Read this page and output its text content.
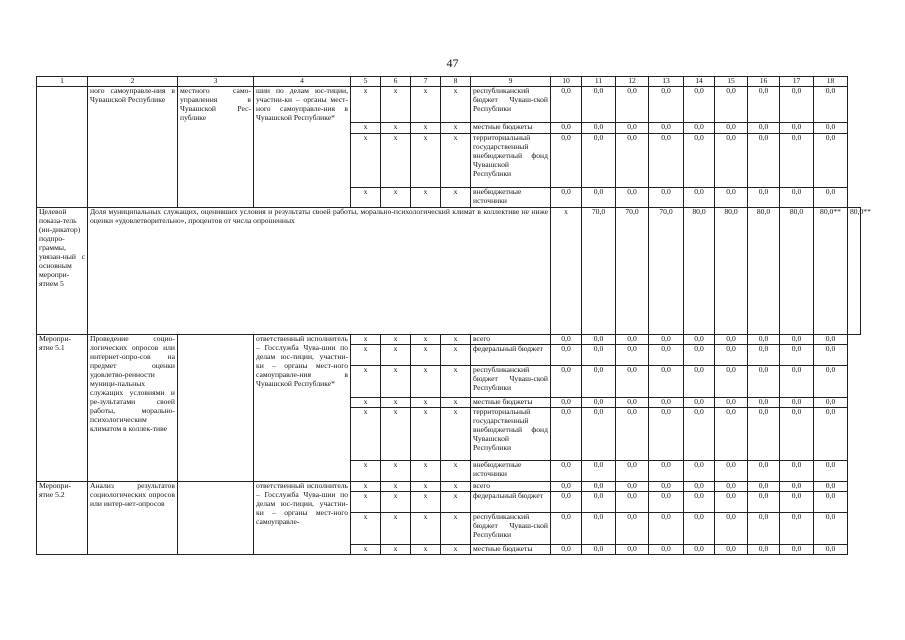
47
1	2	3	4	5	6	7	8	9	10	11	12	13	14	15	16	17	18	
	ного самоуправле-ния в Чувашской Республике	местного само-управления в Чувашской Рес-публике	шии по делам юс-тиции, участни-ки – органы мест-ного самоуправле-ния в Чувашской Республике*	х	х	х	х	республиканский бюджет Чуваш-ской Республики	0,0	0,0	0,0	0,0	0,0	0,0	0,0	0,0	0,0	
				х	х	х	х	местные бюджеты	0,0	0,0	0,0	0,0	0,0	0,0	0,0	0,0	0,0	
				х	х	х	х	территориальный государственный внебюджетный фонд Чувашской Республики	0,0	0,0	0,0	0,0	0,0	0,0	0,0	0,0	0,0	
				х	х	х	х	внебюджетные источники	0,0	0,0	0,0	0,0	0,0	0,0	0,0	0,0	0,0	
Целевой показа-тель (ин-дикатор) подпро-граммы, увязан-ный с основным меропри-ятием 5	Доля муниципальных служащих, оценивших условия и результаты своей работы, морально-психологический климат в коллективе не ниже оценки «удовлетворительно», процентов от числа опрошенных								х	70,0	70,0	70,0	80,0	80,0	80,0	80,0	80,0**	80,0**
Меропри-ятие 5.1	Проведение социо-логических опросов или интернет-опро-сов на предмет оценки удовлетво-ренности муници-пальных служащих условиями и ре-зультатами своей работы, морально-психологическим климатом в коллек-тиве		ответственный исполнитель – Госслужба Чува-шии по делам юс-тиции, участни-ки – органы мест-ного самоуправле-ния в Чувашской Республике*	х	х	х	х	всего	0,0	0,0	0,0	0,0	0,0	0,0	0,0	0,0	0,0	
				х	х	х	х	федеральный бюджет	0,0	0,0	0,0	0,0	0,0	0,0	0,0	0,0	0,0	
				х	х	х	х	республиканский бюджет Чуваш-ской Республики	0,0	0,0	0,0	0,0	0,0	0,0	0,0	0,0	0,0	
				х	х	х	х	местные бюджеты	0,0	0,0	0,0	0,0	0,0	0,0	0,0	0,0	0,0	
				х	х	х	х	территориальный государственный внебюджетный фонд Чувашской Республики	0,0	0,0	0,0	0,0	0,0	0,0	0,0	0,0	0,0	
				х	х	х	х	внебюджетные источники	0,0	0,0	0,0	0,0	0,0	0,0	0,0	0,0	0,0	
Меропри-ятие 5.2	Анализ результатов социологических опросов или интер-нет-опросов		ответственный исполнитель – Госслужба Чува-шии по делам юс-тиции, участни-ки – органы мест-ного самоуправле-	х	х	х	х	всего	0,0	0,0	0,0	0,0	0,0	0,0	0,0	0,0	0,0	
				х	х	х	х	федеральный бюджет	0,0	0,0	0,0	0,0	0,0	0,0	0,0	0,0	0,0	
				х	х	х	х	республиканский бюджет Чуваш-ской Республики	0,0	0,0	0,0	0,0	0,0	0,0	0,0	0,0	0,0	
				х	х	х	х	местные бюджеты	0,0	0,0	0,0	0,0	0,0	0,0	0,0	0,0	0,0	
